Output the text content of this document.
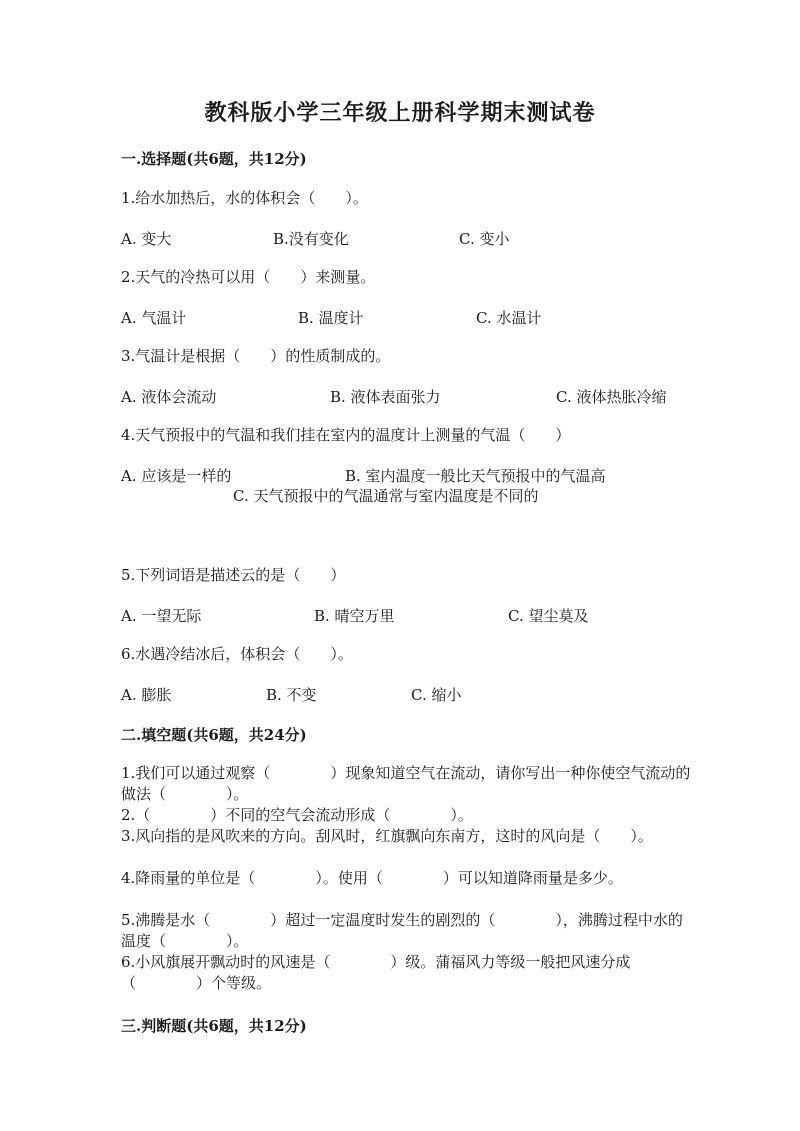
教科版小学三年级上册科学期末测试卷
一.选择题(共6题，共12分)
1.给水加热后，水的体积会（　　）。
A. 变大	B.没有变化	C. 变小
2.天气的冷热可以用（　　）来测量。
A. 气温计	B. 温度计	C. 水温计
3.气温计是根据（　　）的性质制成的。
A. 液体会流动	B. 液体表面张力	C. 液体热胀冷缩
4.天气预报中的气温和我们挂在室内的温度计上测量的气温（　　）
A. 应该是一样的	B. 室内温度一般比天气预报中的气温高
C. 天气预报中的气温通常与室内温度是不同的
5.下列词语是描述云的是（　　）
A. 一望无际	B. 晴空万里	C. 望尘莫及
6.水遇冷结冰后，体积会（　　）。
A. 膨胀	B. 不变	C. 缩小
二.填空题(共6题，共24分)
1.我们可以通过观察（　　　　）现象知道空气在流动，请你写出一种你使空气流动的做法（　　　　）。
2.（　　　　）不同的空气会流动形成（　　　　）。
3.风向指的是风吹来的方向。刮风时，红旗飘向东南方，这时的风向是（　　）。
4.降雨量的单位是（　　　　）。使用（　　　　）可以知道降雨量是多少。
5.沸腾是水（　　　　）超过一定温度时发生的剧烈的（　　　　），沸腾过程中水的温度（　　　　）。
6.小风旗展开飘动时的风速是（　　　　）级。蒲福风力等级一般把风速分成（　　　　）个等级。
三.判断题(共6题，共12分)
